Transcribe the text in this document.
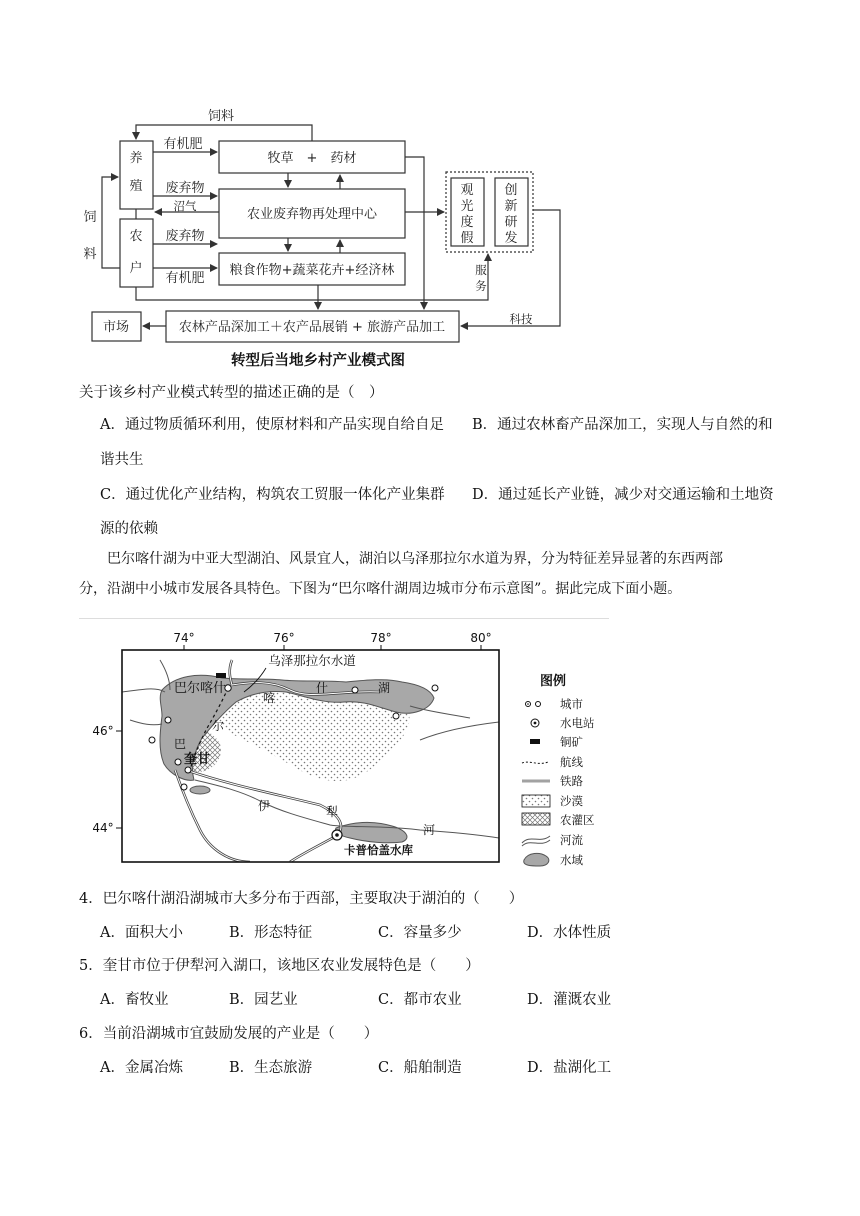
养
殖
农
户
牧草　+　药材
农业废弃物再处理中心
粮食作物+蔬菜花卉+经济林
观
光
度
假
创
新
研
发
农林产品深加工＋农产品展销 + 旅游产品加工
市场
饲料
饲
料
有机肥
废弃物
沼气
废弃物
有机肥
服
务
科技
转型后当地乡村产业模式图
关于该乡村产业模式转型的描述正确的是（　）
A．通过物质循环利用，使原材料和产品实现自给自足 B．通过农林畜产品深加工，实现人与自然的和
谐共生
C．通过优化产业结构，构筑农工贸服一体化产业集群 D．通过延长产业链，减少对交通运输和土地资
源的依赖
巴尔喀什湖为中亚大型湖泊、风景宜人，湖泊以乌泽那拉尔水道为界，分为特征差异显著的东西两部
分，沿湖中小城市发展各具特色。下图为“巴尔喀什湖周边城市分布示意图”。据此完成下面小题。
74°	76°	78°	80°
46°
44°
乌泽那拉尔水道
巴尔喀什
奎甘
卡普恰盖水库
巴
尔
喀
什	湖
伊	犁
河
图例
城市
水电站
铜矿
航线
铁路
沙漠
农灌区
河流
水域
4．巴尔喀什湖沿湖城市大多分布于西部，主要取决于湖泊的（　　）
A．面积大小	B．形态特征	C．容量多少	D．水体性质
5．奎甘市位于伊犁河入湖口，该地区农业发展特色是（　　）
A．畜牧业	B．园艺业	C．都市农业	D．灌溉农业
6．当前沿湖城市宜鼓励发展的产业是（　　）
A．金属冶炼	B．生态旅游	C．船舶制造	D．盐湖化工
